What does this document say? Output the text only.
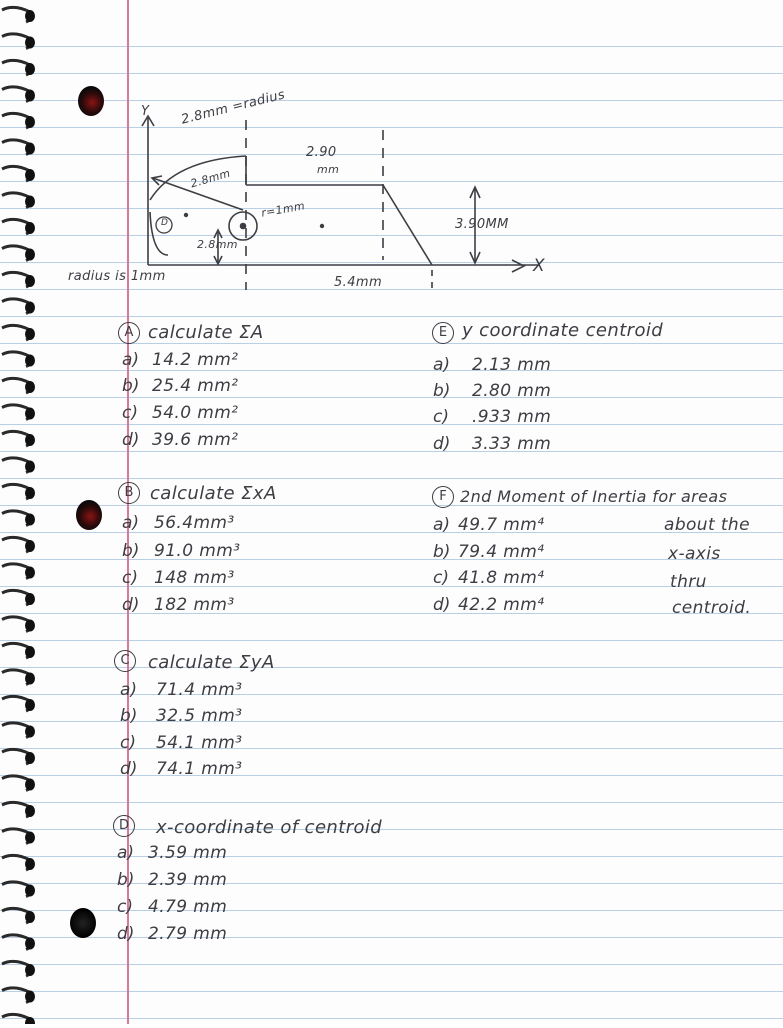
Y
X
2.8mm =radius
2.90
mm
2.8mm
r=1mm
D
2.8mm
3.90MM
5.4mm
radius is 1mm
A calculate ΣA
a) 14.2 mm²
b) 25.4 mm²
c) 54.0 mm²
d) 39.6 mm²
B calculate ΣxA
a) 56.4mm³
b) 91.0 mm³
c) 148 mm³
d) 182 mm³
C	calculate ΣyA
a) 71.4 mm³
b) 32.5 mm³
c) 54.1 mm³
d) 74.1 mm³
D	x-coordinate of centroid
a) 3.59 mm
b) 2.39 mm
c) 4.79 mm
d) 2.79 mm
E y coordinate centroid
a) 2.13 mm
b) 2.80 mm
c) .933 mm
d) 3.33 mm
F 2nd Moment of Inertia for areas
a) 49.7 mm⁴
b) 79.4 mm⁴
c) 41.8 mm⁴
d) 42.2 mm⁴
about the
x-axis
thru
centroid.
